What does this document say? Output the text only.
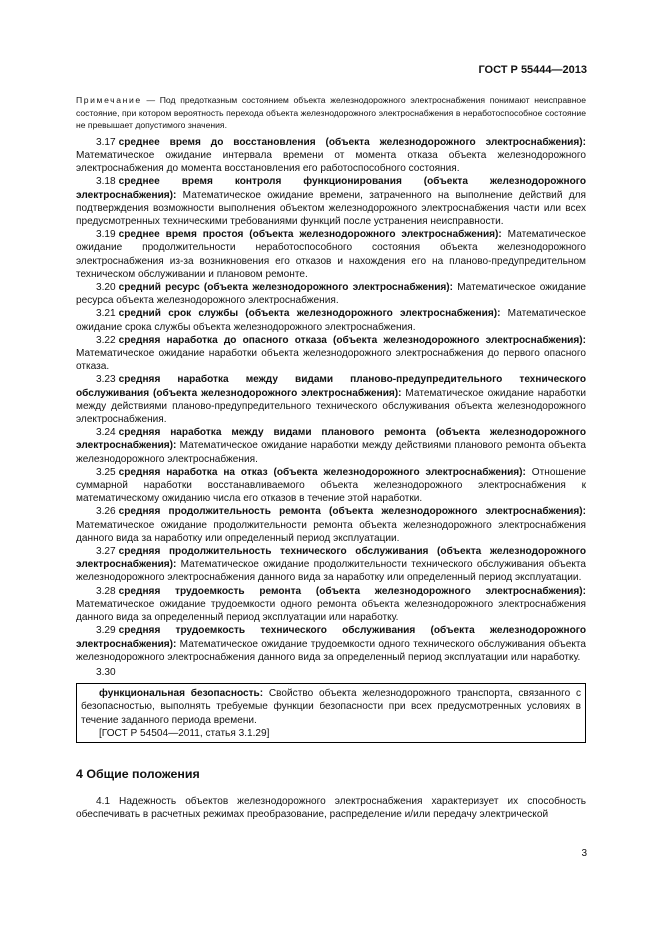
ГОСТ Р 55444—2013

Примечание — Под предотказным состоянием объекта железнодорожного электроснабжения понимают неисправное состояние, при котором вероятность перехода объекта железнодорожного электроснабжения в неработоспособное состояние не превышает допустимого значения.

3.17 среднее время до восстановления (объекта железнодорожного электроснабжения): Математическое ожидание интервала времени от момента отказа объекта железнодорожного электроснабжения до момента восстановления его работоспособного состояния.

3.18 среднее время контроля функционирования (объекта железнодорожного электроснабжения): Математическое ожидание времени, затраченного на выполнение действий для подтверждения возможности выполнения объектом железнодорожного электроснабжения части или всех предусмотренных техническими требованиями функций после устранения неисправности.

3.19 среднее время простоя (объекта железнодорожного электроснабжения): Математическое ожидание продолжительности неработоспособного состояния объекта железнодорожного электроснабжения из-за возникновения его отказов и нахождения его на планово-предупредительном техническом обслуживании и плановом ремонте.

3.20 средний ресурс (объекта железнодорожного электроснабжения): Математическое ожидание ресурса объекта железнодорожного электроснабжения.

3.21 средний срок службы (объекта железнодорожного электроснабжения): Математическое ожидание срока службы объекта железнодорожного электроснабжения.

3.22 средняя наработка до опасного отказа (объекта железнодорожного электроснабжения): Математическое ожидание наработки объекта железнодорожного электроснабжения до первого опасного отказа.

3.23 средняя наработка между видами планово-предупредительного технического обслуживания (объекта железнодорожного электроснабжения): Математическое ожидание наработки между действиями планово-предупредительного технического обслуживания объекта железнодорожного электроснабжения.

3.24 средняя наработка между видами планового ремонта (объекта железнодорожного электроснабжения): Математическое ожидание наработки между действиями планового ремонта объекта железнодорожного электроснабжения.

3.25 средняя наработка на отказ (объекта железнодорожного электроснабжения): Отношение суммарной наработки восстанавливаемого объекта железнодорожного электроснабжения к математическому ожиданию числа его отказов в течение этой наработки.

3.26 средняя продолжительность ремонта (объекта железнодорожного электроснабжения): Математическое ожидание продолжительности ремонта объекта железнодорожного электроснабжения данного вида за наработку или определенный период эксплуатации.

3.27 средняя продолжительность технического обслуживания (объекта железнодорожного электроснабжения): Математическое ожидание продолжительности технического обслуживания объекта железнодорожного электроснабжения данного вида за наработку или определенный период эксплуатации.

3.28 средняя трудоемкость ремонта (объекта железнодорожного электроснабжения): Математическое ожидание трудоемкости одного ремонта объекта железнодорожного электроснабжения данного вида за определенный период эксплуатации или наработку.

3.29 средняя трудоемкость технического обслуживания (объекта железнодорожного электроснабжения): Математическое ожидание трудоемкости одного технического обслуживания объекта железнодорожного электроснабжения данного вида за определенный период эксплуатации или наработку.

3.30

функциональная безопасность: Свойство объекта железнодорожного транспорта, связанного с безопасностью, выполнять требуемые функции безопасности при всех предусмотренных условиях в течение заданного периода времени.

[ГОСТ Р 54504—2011, статья 3.1.29]

4 Общие положения

4.1 Надежность объектов железнодорожного электроснабжения характеризует их способность обеспечивать в расчетных режимах преобразование, распределение и/или передачу электрической

3
